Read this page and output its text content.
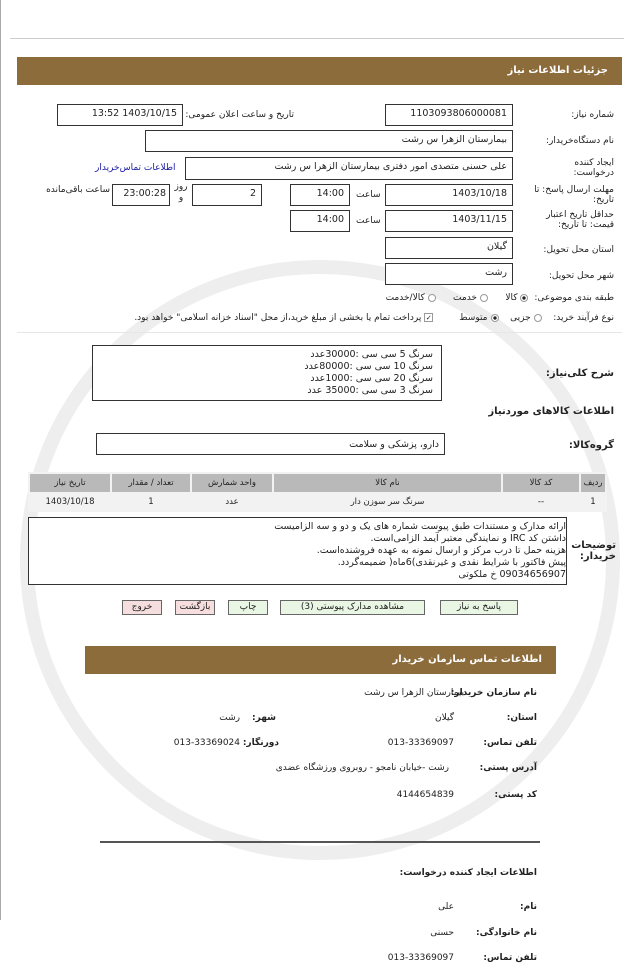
جزئیات اطلاعات نیاز
شماره نیاز:
1103093806000081
تاریخ و ساعت اعلان عمومی:
1403/10/15 13:52
نام دستگاه‌خریدار:
بیمارستان الزهرا س رشت
ایجاد کننده درخواست:
علی حسنی متصدی امور دفتری بیمارستان الزهرا س رشت
اطلاعات تماس‌خریدار
مهلت ارسال پاسخ: تا تاریخ:
1403/10/18
ساعت
14:00
2
روز و
23:00:28
ساعت باقی‌مانده
حداقل تاریخ اعتبار قیمت: تا تاریخ:
1403/11/15
ساعت
14:00
استان محل تحویل:
گیلان
شهر محل تحویل:
رشت
طبقه بندی موضوعی: کالا     خدمت     کالا/خدمت
نوع فرآیند خرید:   جزیی   متوسط        ✓پرداخت تمام یا بخشی از مبلغ خرید،از محل "اسناد خزانه اسلامی" خواهد بود.
شرح کلی‌نیاز:
سرنگ 5 سی سی :30000عدد
سرنگ 10 سی سی :80000عدد
سرنگ 20 سی سی :1000عدد
سرنگ 3 سی سی :35000 عدد
اطلاعات کالاهای موردنیاز
گروه‌کالا:
دارو، پزشکی و سلامت
ردیف	کد کالا	نام کالا	واحد شمارش	تعداد / مقدار	تاریخ نیاز
1	--	سرنگ سر سوزن دار	عدد	1	1403/10/18
توضیحات خریدار:
ارائه مدارک و مستندات طبق پیوست شماره های یک و دو و سه الزامیست
داشتن کد IRC و نمایندگی معتبر آیمد الزامی‌است.
هزینه حمل تا درب مرکز و ارسال نمونه به عهده فروشنده‌است.
پیش فاکتور با شرایط نقدی و غیرنقدی)6ماه( ضمیمه‌گردد.
09034656907 خ ملکوتی
پاسخ به نیاز
مشاهده مدارک پیوستی (3)
چاپ
بازگشت
خروج
اطلاعات تماس سازمان خریدار
نام سازمان خریدار:
بیمارستان الزهرا س رشت
استان:
گیلان
شهر:
رشت
تلفن تماس:
013-33369097
دورنگار:
013-33369024
آدرس پستی:
رشت -خیابان نامجو - روبروی ورزشگاه عضدی
کد پستی:
4144654839
اطلاعات ایجاد کننده درخواست:
نام:
علی
نام خانوادگی:
حسنی
تلفن تماس:
013-33369097
